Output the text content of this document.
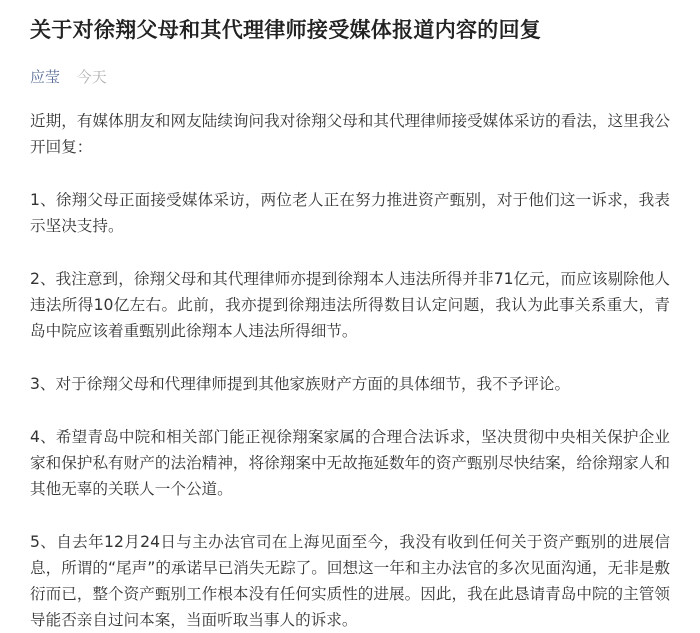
关于对徐翔父母和其代理律师接受媒体报道内容的回复
应莹 今天

近期，有媒体朋友和网友陆续询问我对徐翔父母和其代理律师接受媒体采访的看法，这里我公开回复：

1、徐翔父母正面接受媒体采访，两位老人正在努力推进资产甄别，对于他们这一诉求，我表示坚决支持。

2、我注意到，徐翔父母和其代理律师亦提到徐翔本人违法所得并非71亿元，而应该剔除他人违法所得10亿左右。此前，我亦提到徐翔违法所得数目认定问题，我认为此事关系重大，青岛中院应该着重甄别此徐翔本人违法所得细节。

3、对于徐翔父母和代理律师提到其他家族财产方面的具体细节，我不予评论。

4、希望青岛中院和相关部门能正视徐翔案家属的合理合法诉求，坚决贯彻中央相关保护企业家和保护私有财产的法治精神，将徐翔案中无故拖延数年的资产甄别尽快结案，给徐翔家人和其他无辜的关联人一个公道。

5、自去年12月24日与主办法官司在上海见面至今，我没有收到任何关于资产甄别的进展信息，所谓的“尾声”的承诺早已消失无踪了。回想这一年和主办法官的多次见面沟通，无非是敷衍而已，整个资产甄别工作根本没有任何实质性的进展。因此，我在此恳请青岛中院的主管领导能否亲自过问本案，当面听取当事人的诉求。
